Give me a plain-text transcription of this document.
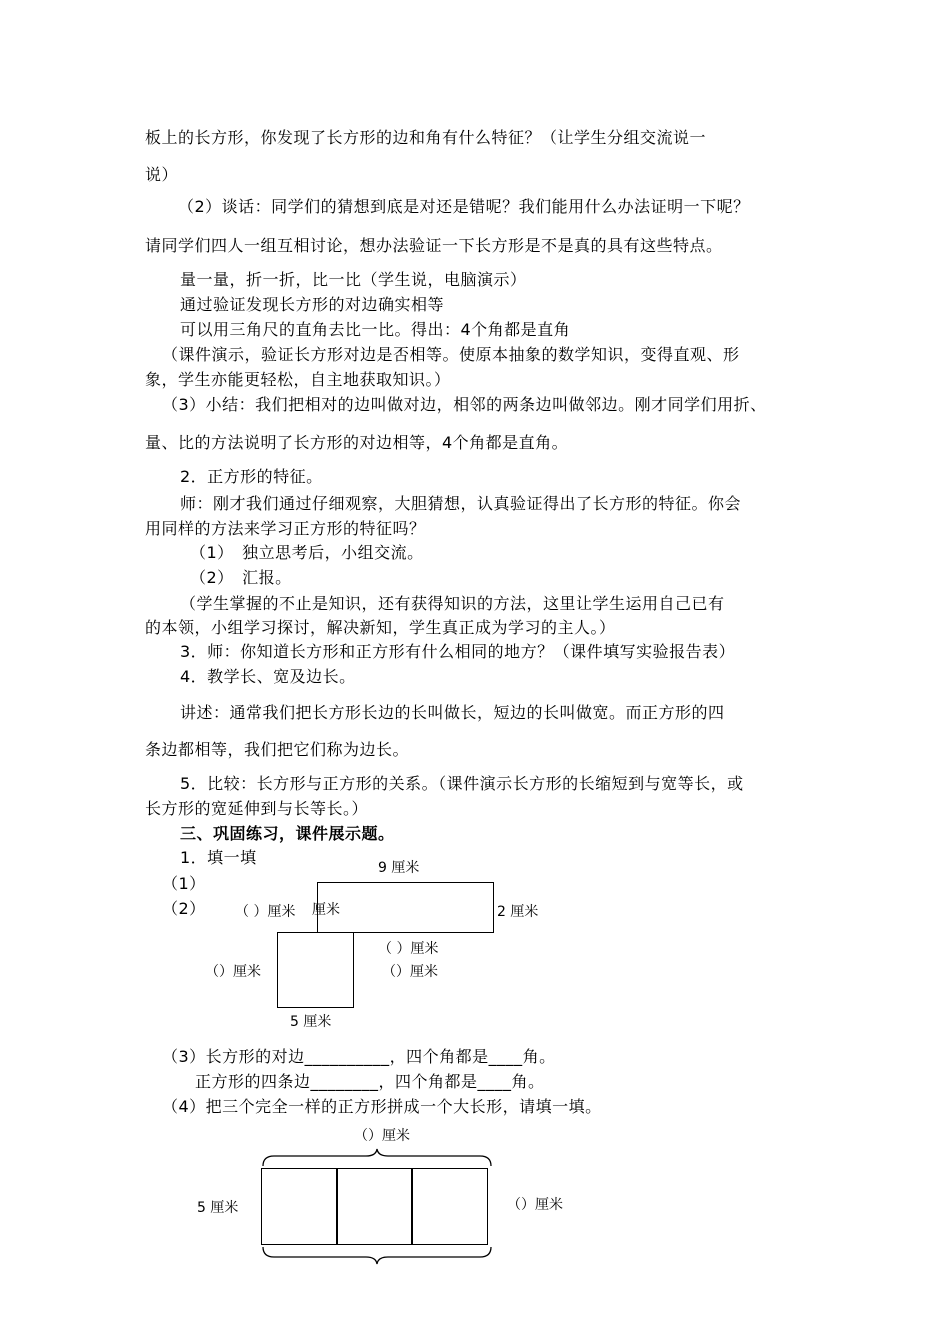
板上的长方形，你发现了长方形的边和角有什么特征？（让学生分组交流说一
说）
（2）谈话：同学们的猜想到底是对还是错呢？我们能用什么办法证明一下呢？
请同学们四人一组互相讨论，想办法验证一下长方形是不是真的具有这些特点。
量一量，折一折，比一比（学生说，电脑演示）
通过验证发现长方形的对边确实相等
可以用三角尺的直角去比一比。得出：4个角都是直角
（课件演示，验证长方形对边是否相等。使原本抽象的数学知识，变得直观、形
象，学生亦能更轻松，自主地获取知识。）
（3）小结：我们把相对的边叫做对边，相邻的两条边叫做邻边。刚才同学们用折、
量、比的方法说明了长方形的对边相等，4个角都是直角。
2．正方形的特征。
师：刚才我们通过仔细观察，大胆猜想，认真验证得出了长方形的特征。你会
用同样的方法来学习正方形的特征吗？
（1）　独立思考后，小组交流。
（2）　汇报。
（学生掌握的不止是知识，还有获得知识的方法，这里让学生运用自己已有
的本领，小组学习探讨，解决新知，学生真正成为学习的主人。）
3．师：你知道长方形和正方形有什么相同的地方？（课件填写实验报告表）
4．教学长、宽及边长。
讲述：通常我们把长方形长边的长叫做长，短边的长叫做宽。而正方形的四
条边都相等，我们把它们称为边长。
5．比较：长方形与正方形的关系。（课件演示长方形的长缩短到与宽等长，或
长方形的宽延伸到与长等长。）
三、巩固练习，课件展示题。
1．填一填
（1）
（2）
9 厘米
（ ）厘米 厘米	2 厘米
（ ）厘米
（）厘米	（）厘米
5 厘米
（3）长方形的对边__________，四个角都是____角。
正方形的四条边________，四个角都是____角。
（4）把三个完全一样的正方形拼成一个大长形，请填一填。
（）厘米
5 厘米	（）厘米
